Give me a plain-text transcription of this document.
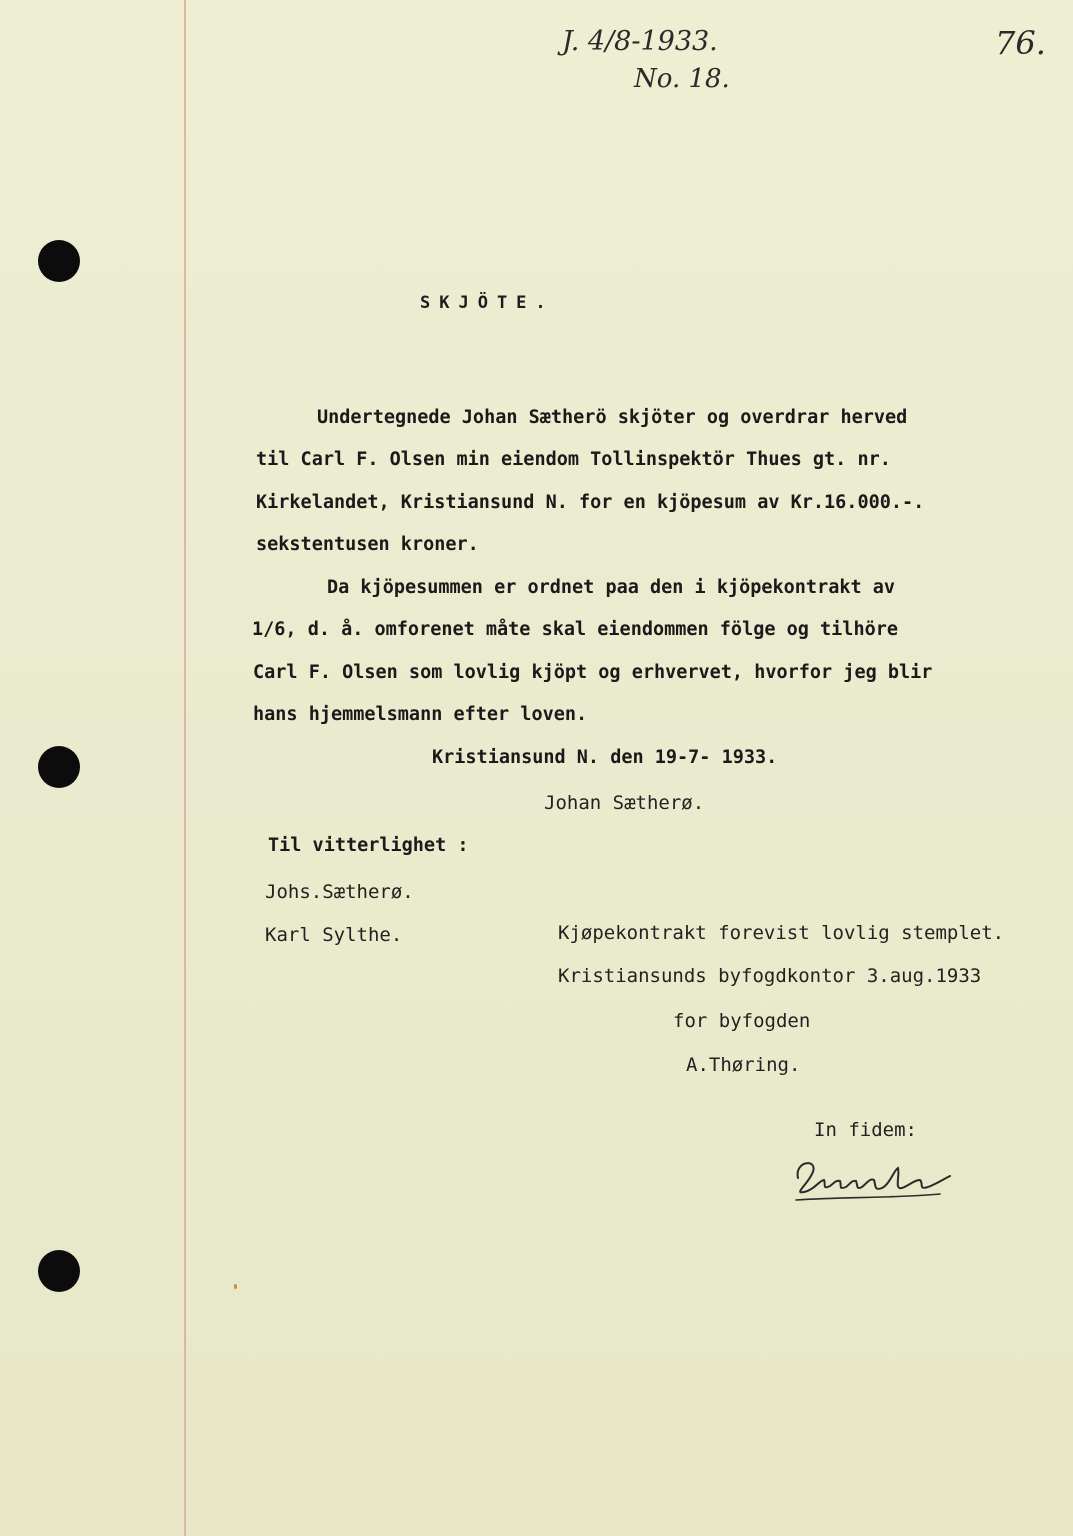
J. 4/8-1933.
No. 18.
76.
SKJÖTE.
Undertegnede Johan Sætherö skjöter og overdrar herved
til Carl F. Olsen min eiendom Tollinspektör Thues gt. nr.
Kirkelandet, Kristiansund N. for en kjöpesum av Kr.16.000.-.
sekstentusen kroner.
Da kjöpesummen er ordnet paa den i kjöpekontrakt av
1/6, d. å. omforenet måte skal eiendommen fölge og tilhöre
Carl F. Olsen som lovlig kjöpt og erhvervet, hvorfor jeg blir
hans hjemmelsmann efter loven.
Kristiansund N. den 19-7- 1933.
Johan Sætherø.
Til vitterlighet :
Johs.Sætherø.
Karl Sylthe.	Kjøpekontrakt forevist lovlig stemplet.
Kristiansunds byfogdkontor 3.aug.1933
for byfogden
A.Thøring.
In fidem:
